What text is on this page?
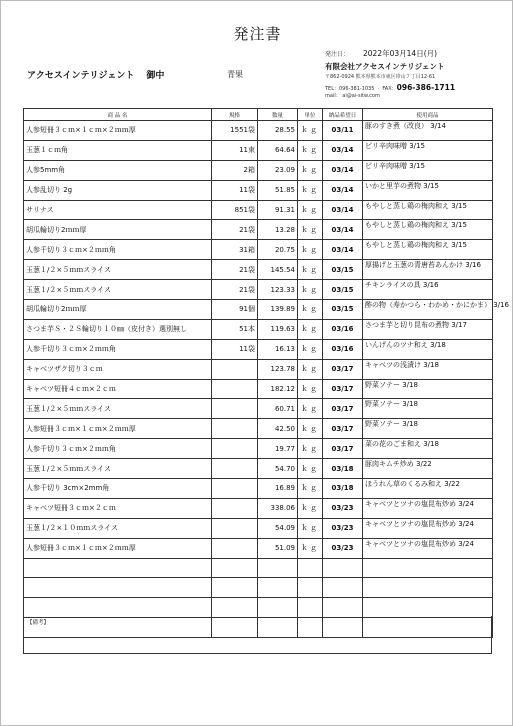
発注書
発注日： 2022年03月14日(月)
アクセスインテリジェント 御中	青果
有限会社アクセスインテリジェント
〒862-0924 熊本県熊本市東区帯山７丁目12-61
TEL：096-381-1035  ·  FAX：096-386-1711
mail： ai@ai-sitw.com
商 品 名	規格	数量	単位	納品希望日	使用商品
人参短冊３ｃｍ×１ｃｍ×２ｍｍ厚	1551袋	28.55	ｋｇ	03/11	豚のすき煮（改良） 3/14
玉葱１ｃｍ角	11束	64.64	ｋｇ	03/14	ピリ辛肉味噌 3/15
人参5mm角	2箱	23.09	ｋｇ	03/14	ピリ辛肉味噌 3/15
人参乱切り 2g	11袋	51.85	ｋｇ	03/14	いかと里芋の煮物 3/15
サリナス	851袋	91.31	ｋｇ	03/14	もやしと蒸し鶏の梅肉和え 3/15
胡瓜輪切り2ｍｍ厚	21袋	13.28	ｋｇ	03/14	もやしと蒸し鶏の梅肉和え 3/15
人参千切り３ｃｍ×２ｍｍ角	31箱	20.75	ｋｇ	03/14	もやしと蒸し鶏の梅肉和え 3/15
玉葱１/２×５ｍｍスライス	21袋	145.54	ｋｇ	03/15	厚揚げと玉葱の青唐苔あんかけ 3/16
玉葱１/２×５ｍｍスライス	21袋	123.33	ｋｇ	03/15	チキンライスの具 3/16
胡瓜輪切り2ｍｍ厚	91個	139.89	ｋｇ	03/15	酢の物（寿かつら・わかめ・かにかま） 3/16
さつま芋Ｓ・２Ｓ輪切り１０㎜（皮付き）選別無し	51本	119.63	ｋｇ	03/16	さつま芋と切り昆布の煮物 3/17
人参千切り３ｃｍ×２ｍｍ角	11袋	16.13	ｋｇ	03/16	いんげんのツナ和え 3/18
キャベツザク切り３ｃｍ		123.78	ｋｇ	03/17	キャベツの浅漬け 3/18
キャベツ短冊４ｃｍ×２ｃｍ		182.12	ｋｇ	03/17	野菜ソテー 3/18
玉葱１/２×５ｍｍスライス		60.71	ｋｇ	03/17	野菜ソテー 3/18
人参短冊３ｃｍ×１ｃｍ×２ｍｍ厚		42.50	ｋｇ	03/17	野菜ソテー 3/18
人参千切り３ｃｍ×２ｍｍ角		19.77	ｋｇ	03/17	菜の花のごま和え 3/18
玉葱１/２×５ｍｍスライス		54.70	ｋｇ	03/18	豚肉キムチ炒め 3/22
人参千切り 3cm×2mm角		16.89	ｋｇ	03/18	ほうれん草のくるみ和え 3/22
キャベツ短冊３ｃｍ×２ｃｍ		338.06	ｋｇ	03/23	キャベツとツナの塩昆布炒め 3/24
玉葱１/２×１０ｍｍスライス		54.09	ｋｇ	03/23	キャベツとツナの塩昆布炒め 3/24
人参短冊３ｃｍ×１ｃｍ×２ｍｍ厚		51.09	ｋｇ	03/23	キャベツとツナの塩昆布炒め 3/24

【備考】
